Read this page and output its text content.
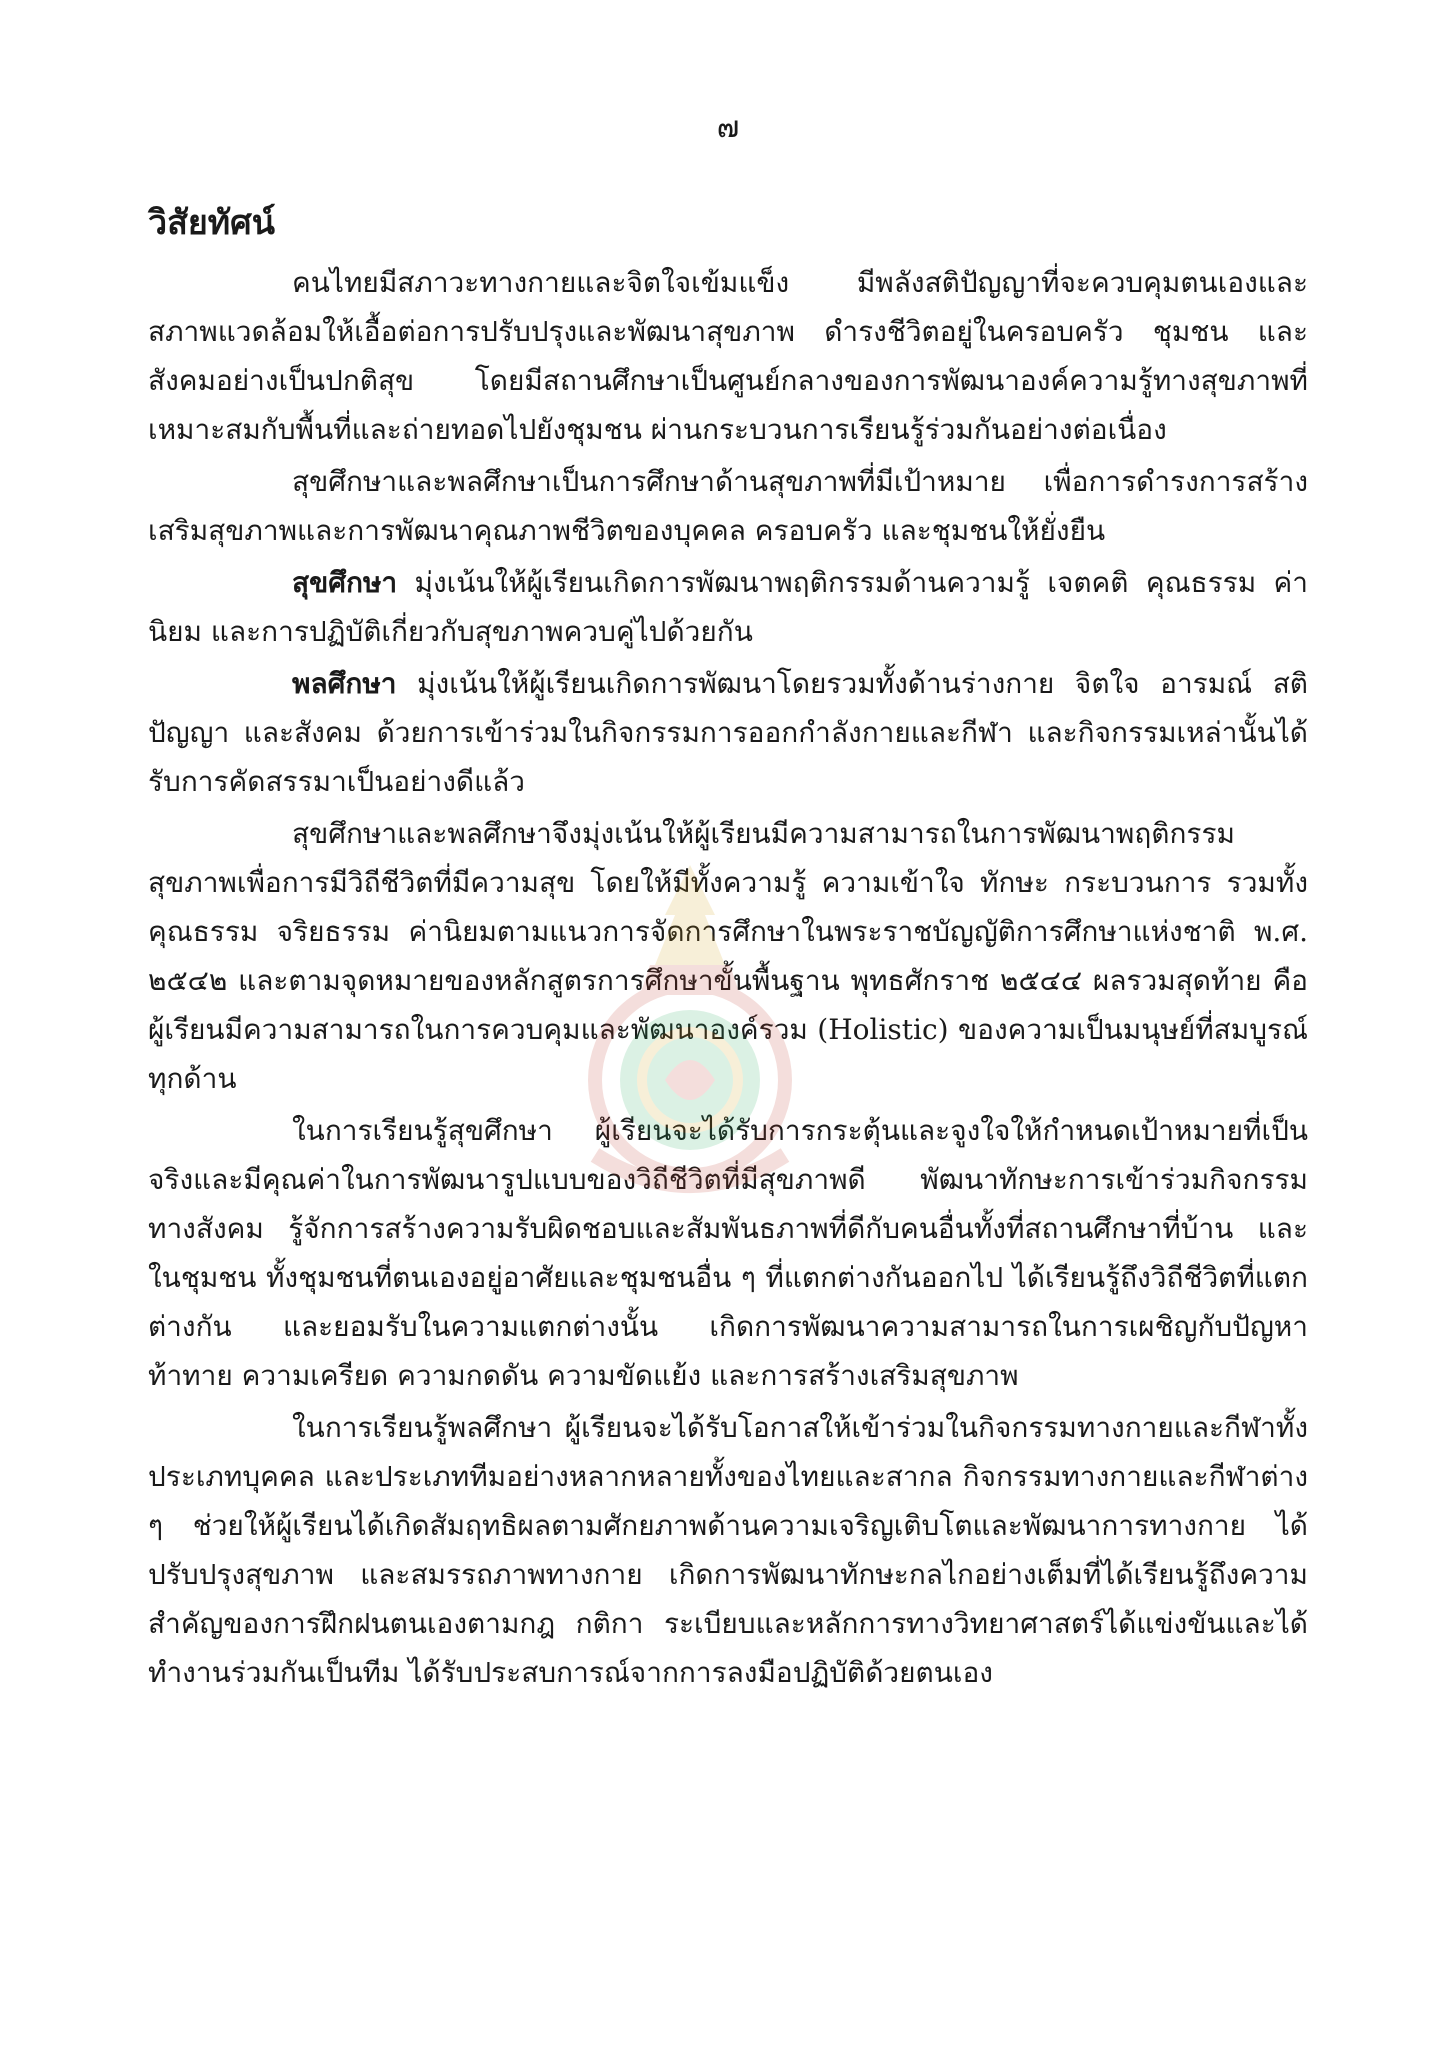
๗
วิสัยทัศน์

คนไทยมีสภาวะทางกายและจิตใจเข้มแข็ง มีพลังสติปัญญาที่จะควบคุมตนเองและสภาพแวดล้อมให้เอื้อต่อการปรับปรุงและพัฒนาสุขภาพ ดำรงชีวิตอยู่ในครอบครัว ชุมชน และสังคมอย่างเป็นปกติสุข โดยมีสถานศึกษาเป็นศูนย์กลางของการพัฒนาองค์ความรู้ทางสุขภาพที่เหมาะสมกับพื้นที่และถ่ายทอดไปยังชุมชน ผ่านกระบวนการเรียนรู้ร่วมกันอย่างต่อเนื่อง

สุขศึกษาและพลศึกษาเป็นการศึกษาด้านสุขภาพที่มีเป้าหมาย เพื่อการดำรงการสร้างเสริมสุขภาพและการพัฒนาคุณภาพชีวิตของบุคคล ครอบครัว และชุมชนให้ยั่งยืน

สุขศึกษา มุ่งเน้นให้ผู้เรียนเกิดการพัฒนาพฤติกรรมด้านความรู้ เจตคติ คุณธรรม ค่านิยม และการปฏิบัติเกี่ยวกับสุขภาพควบคู่ไปด้วยกัน

พลศึกษา มุ่งเน้นให้ผู้เรียนเกิดการพัฒนาโดยรวมทั้งด้านร่างกาย จิตใจ อารมณ์ สติปัญญา และสังคม ด้วยการเข้าร่วมในกิจกรรมการออกกำลังกายและกีฬา และกิจกรรมเหล่านั้นได้รับการคัดสรรมาเป็นอย่างดีแล้ว

สุขศึกษาและพลศึกษาจึงมุ่งเน้นให้ผู้เรียนมีความสามารถในการพัฒนาพฤติกรรมสุขภาพเพื่อการมีวิถีชีวิตที่มีความสุข โดยให้มีทั้งความรู้ ความเข้าใจ ทักษะ กระบวนการ รวมทั้งคุณธรรม จริยธรรม ค่านิยมตามแนวการจัดการศึกษาในพระราชบัญญัติการศึกษาแห่งชาติ พ.ศ. ๒๕๔๒ และตามจุดหมายของหลักสูตรการศึกษาขั้นพื้นฐาน พุทธศักราช ๒๕๔๔ ผลรวมสุดท้าย คือ ผู้เรียนมีความสามารถในการควบคุมและพัฒนาองค์รวม (Holistic) ของความเป็นมนุษย์ที่สมบูรณ์ทุกด้าน

ในการเรียนรู้สุขศึกษา ผู้เรียนจะได้รับการกระตุ้นและจูงใจให้กำหนดเป้าหมายที่เป็นจริงและมีคุณค่าในการพัฒนารูปแบบของวิถีชีวิตที่มีสุขภาพดี พัฒนาทักษะการเข้าร่วมกิจกรรมทางสังคม รู้จักการสร้างความรับผิดชอบและสัมพันธภาพที่ดีกับคนอื่นทั้งที่สถานศึกษาที่บ้าน และในชุมชน ทั้งชุมชนที่ตนเองอยู่อาศัยและชุมชนอื่น ๆ ที่แตกต่างกันออกไป ได้เรียนรู้ถึงวิถีชีวิตที่แตกต่างกัน และยอมรับในความแตกต่างนั้น เกิดการพัฒนาความสามารถในการเผชิญกับปัญหาท้าทาย ความเครียด ความกดดัน ความขัดแย้ง และการสร้างเสริมสุขภาพ

ในการเรียนรู้พลศึกษา ผู้เรียนจะได้รับโอกาสให้เข้าร่วมในกิจกรรมทางกายและกีฬาทั้งประเภทบุคคล และประเภททีมอย่างหลากหลายทั้งของไทยและสากล กิจกรรมทางกายและกีฬาต่าง ๆ ช่วยให้ผู้เรียนได้เกิดสัมฤทธิผลตามศักยภาพด้านความเจริญเติบโตและพัฒนาการทางกาย ได้ปรับปรุงสุขภาพ และสมรรถภาพทางกาย เกิดการพัฒนาทักษะกลไกอย่างเต็มที่ได้เรียนรู้ถึงความสำคัญของการฝึกฝนตนเองตามกฎ กติกา ระเบียบและหลักการทางวิทยาศาสตร์ได้แข่งขันและได้ทำงานร่วมกันเป็นทีม ได้รับประสบการณ์จากการลงมือปฏิบัติด้วยตนเอง
